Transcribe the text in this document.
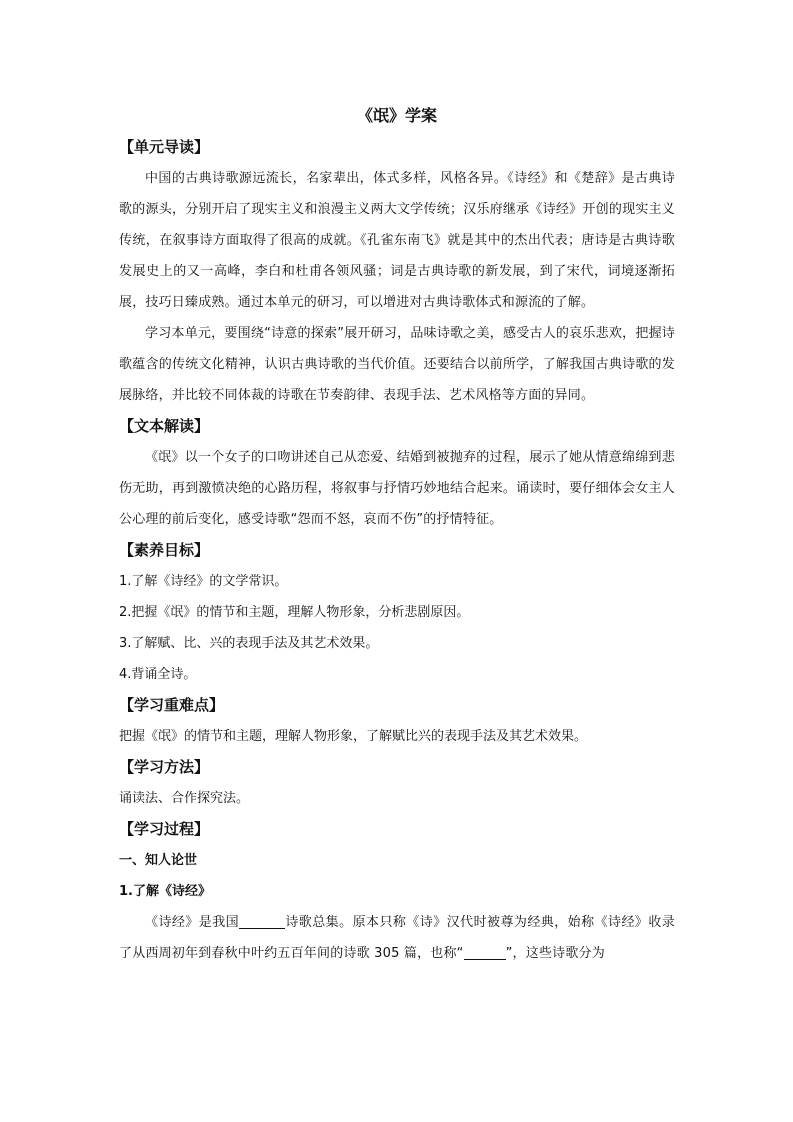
《氓》学案
【单元导读】

中国的古典诗歌源远流长，名家辈出，体式多样，风格各异。《诗经》和《楚辞》是古典诗歌的源头，分别开启了现实主义和浪漫主义两大文学传统；汉乐府继承《诗经》开创的现实主义传统，在叙事诗方面取得了很高的成就。《孔雀东南飞》就是其中的杰出代表；唐诗是古典诗歌发展史上的又一高峰，李白和杜甫各领风骚；词是古典诗歌的新发展，到了宋代，词境逐渐拓展，技巧日臻成熟。通过本单元的研习，可以增进对古典诗歌体式和源流的了解。

学习本单元，要围绕“诗意的探索”展开研习，品味诗歌之美，感受古人的哀乐悲欢，把握诗歌蕴含的传统文化精神，认识古典诗歌的当代价值。还要结合以前所学，了解我国古典诗歌的发展脉络，并比较不同体裁的诗歌在节奏韵律、表现手法、艺术风格等方面的异同。

【文本解读】

《氓》以一个女子的口吻讲述自己从恋爱、结婚到被抛弃的过程，展示了她从情意绵绵到悲伤无助，再到激愤决绝的心路历程，将叙事与抒情巧妙地结合起来。诵读时，要仔细体会女主人公心理的前后变化，感受诗歌“怨而不怒，哀而不伤”的抒情特征。

【素养目标】
1.了解《诗经》的文学常识。
2.把握《氓》的情节和主题，理解人物形象，分析悲剧原因。
3.了解赋、比、兴的表现手法及其艺术效果。
4.背诵全诗。
【学习重难点】
把握《氓》的情节和主题，理解人物形象，了解赋比兴的表现手法及其艺术效果。
【学习方法】
诵读法、合作探究法。
【学习过程】
一、知人论世
1.了解《诗经》

《诗经》是我国	诗歌总集。原本只称《诗》汉代时被尊为经典，始称《诗经》收录了从西周初年到春秋中叶约五百年间的诗歌 305 篇，也称“	”，这些诗歌分为
